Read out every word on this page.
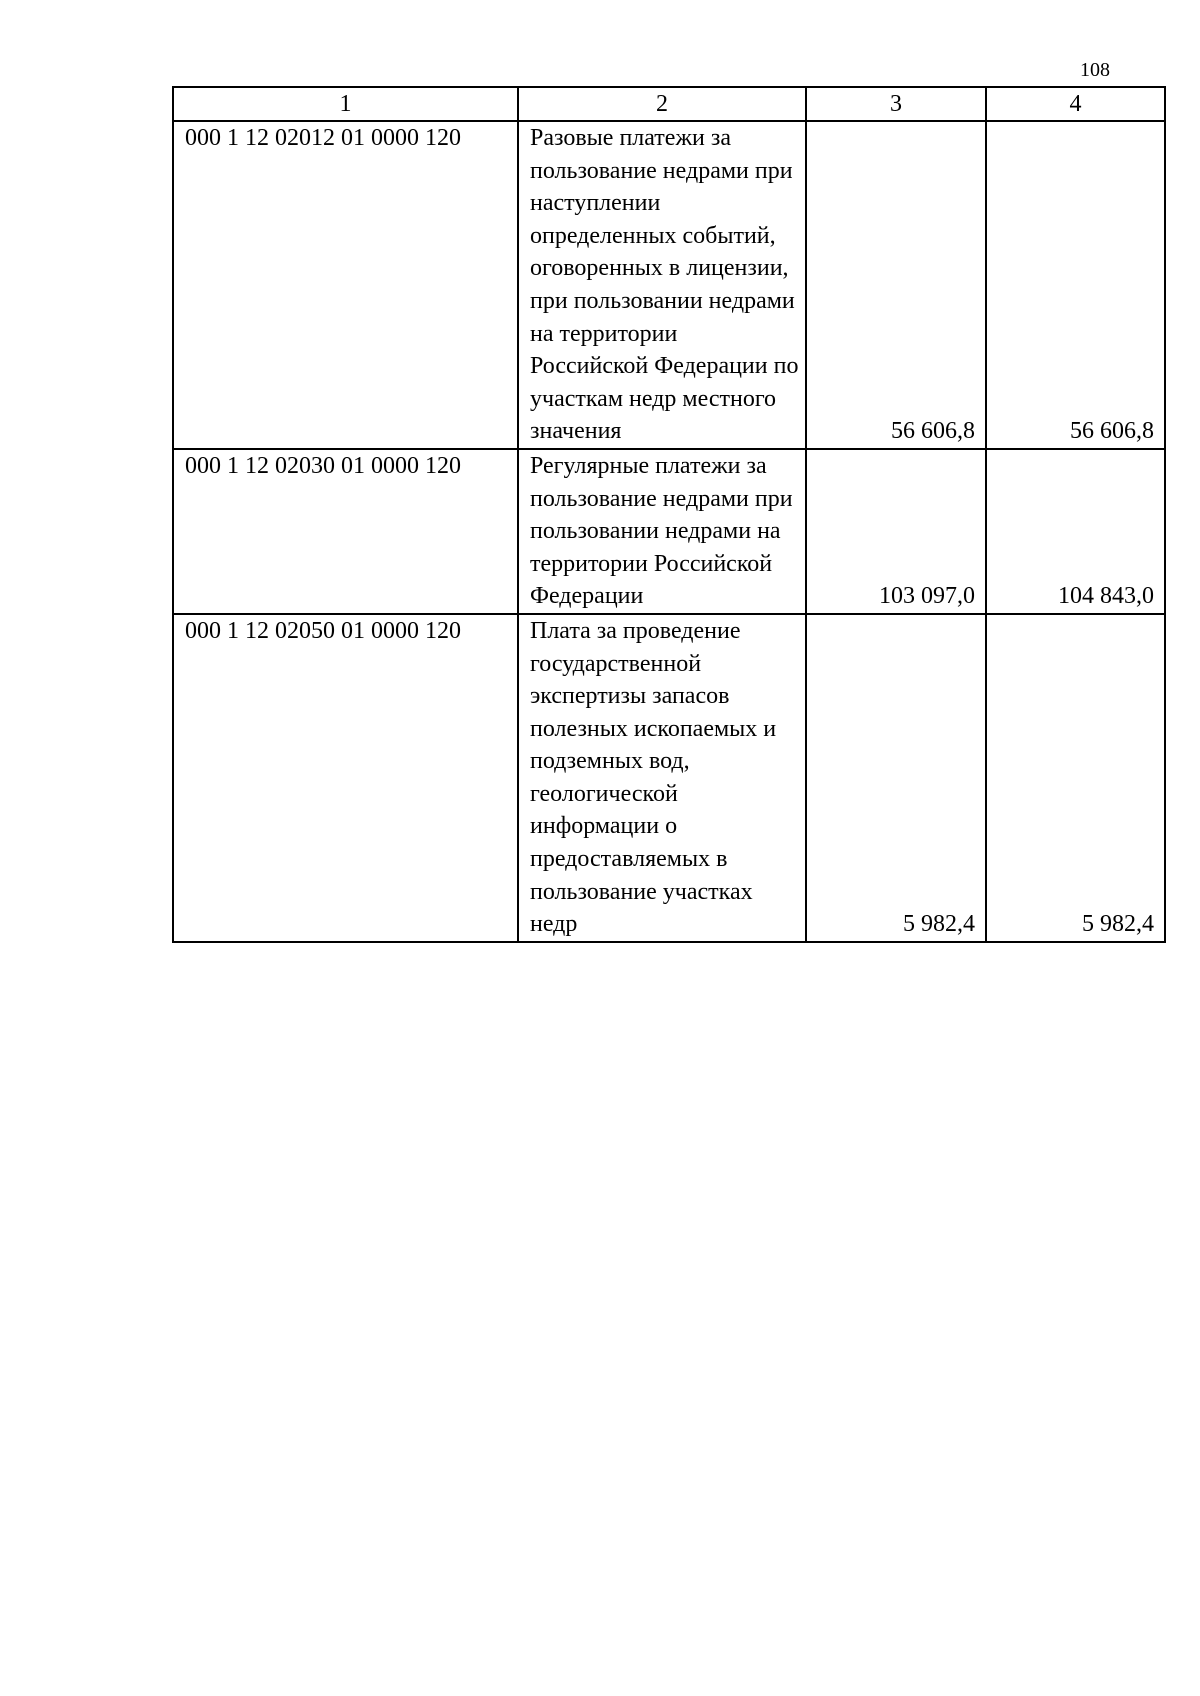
108
1	2	3	4
000 1 12 02012 01 0000 120	Разовые платежи за пользование недрами при наступлении определенных событий, оговоренных в лицензии, при пользовании недрами на территории Российской Федерации по участкам недр местного значения	56 606,8	56 606,8
000 1 12 02030 01 0000 120	Регулярные платежи за пользование недрами при пользовании недрами на территории Российской Федерации	103 097,0	104 843,0
000 1 12 02050 01 0000 120	Плата за проведение государственной экспертизы запасов полезных ископаемых и подземных вод, геологической информации о предоставляемых в пользование участках недр	5 982,4	5 982,4
